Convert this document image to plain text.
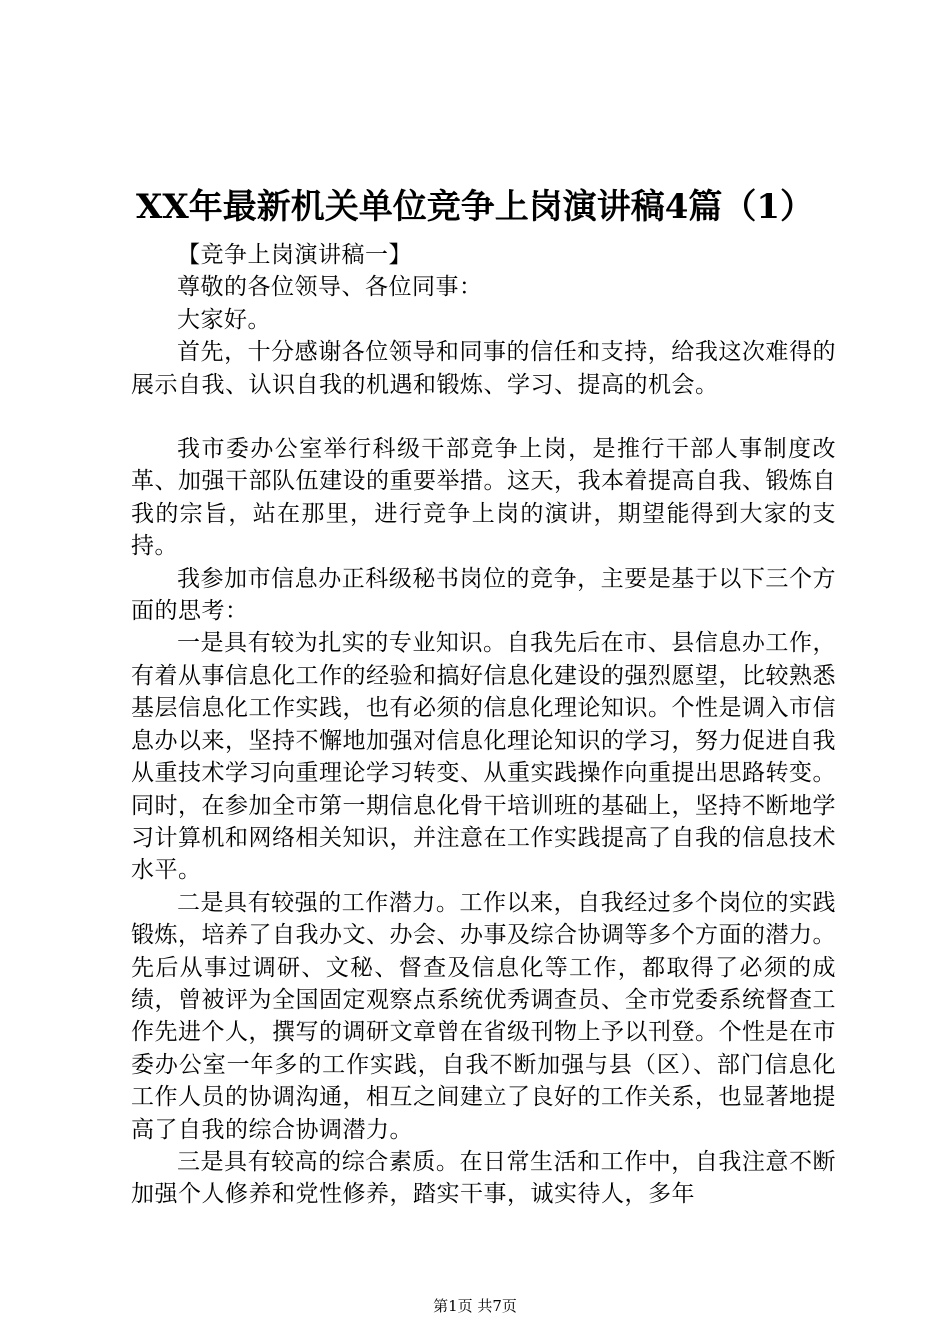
XX年最新机关单位竞争上岗演讲稿4篇（1）

【竞争上岗演讲稿一】

尊敬的各位领导、各位同事：

大家好。

首先，十分感谢各位领导和同事的信任和支持，给我这次难得的展示自我、认识自我的机遇和锻炼、学习、提高的机会。

我市委办公室举行科级干部竞争上岗，是推行干部人事制度改革、加强干部队伍建设的重要举措。这天，我本着提高自我、锻炼自我的宗旨，站在那里，进行竞争上岗的演讲，期望能得到大家的支持。

我参加市信息办正科级秘书岗位的竞争，主要是基于以下三个方面的思考：

一是具有较为扎实的专业知识。自我先后在市、县信息办工作，有着从事信息化工作的经验和搞好信息化建设的强烈愿望，比较熟悉基层信息化工作实践，也有必须的信息化理论知识。个性是调入市信息办以来，坚持不懈地加强对信息化理论知识的学习，努力促进自我从重技术学习向重理论学习转变、从重实践操作向重提出思路转变。同时，在参加全市第一期信息化骨干培训班的基础上，坚持不断地学习计算机和网络相关知识，并注意在工作实践提高了自我的信息技术水平。

二是具有较强的工作潜力。工作以来，自我经过多个岗位的实践锻炼，培养了自我办文、办会、办事及综合协调等多个方面的潜力。先后从事过调研、文秘、督查及信息化等工作，都取得了必须的成绩，曾被评为全国固定观察点系统优秀调查员、全市党委系统督查工作先进个人，撰写的调研文章曾在省级刊物上予以刊登。个性是在市委办公室一年多的工作实践，自我不断加强与县（区）、部门信息化工作人员的协调沟通，相互之间建立了良好的工作关系，也显著地提高了自我的综合协调潜力。

三是具有较高的综合素质。在日常生活和工作中，自我注意不断加强个人修养和党性修养，踏实干事，诚实待人，多年

第1页 共7页
